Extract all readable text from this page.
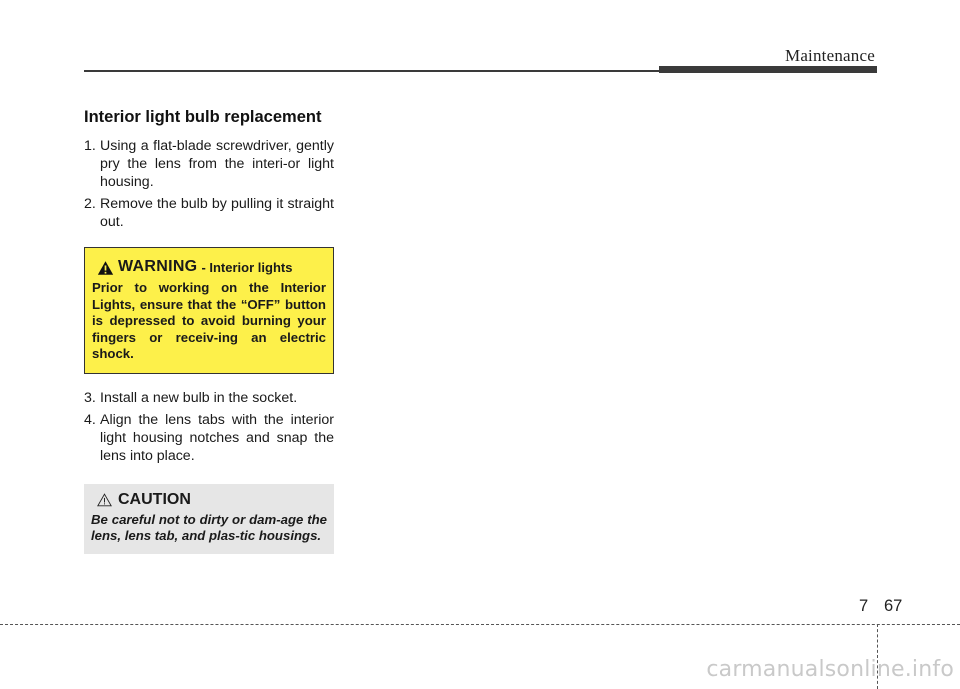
Maintenance
Interior light bulb replacement

1. Using a flat-blade screwdriver, gently pry the lens from the interi-or light housing.

2. Remove the bulb by pulling it straight out.

WARNING - Interior lights
Prior to working on the Interior Lights, ensure that the “OFF” button is depressed to avoid burning your fingers or receiv-ing an electric shock.

3. Install a new bulb in the socket.

4. Align the lens tabs with the interior light housing notches and snap the lens into place.

CAUTION
Be careful not to dirty or dam-age the lens, lens tab, and plas-tic housings.
7 67
carmanualsonline.info
